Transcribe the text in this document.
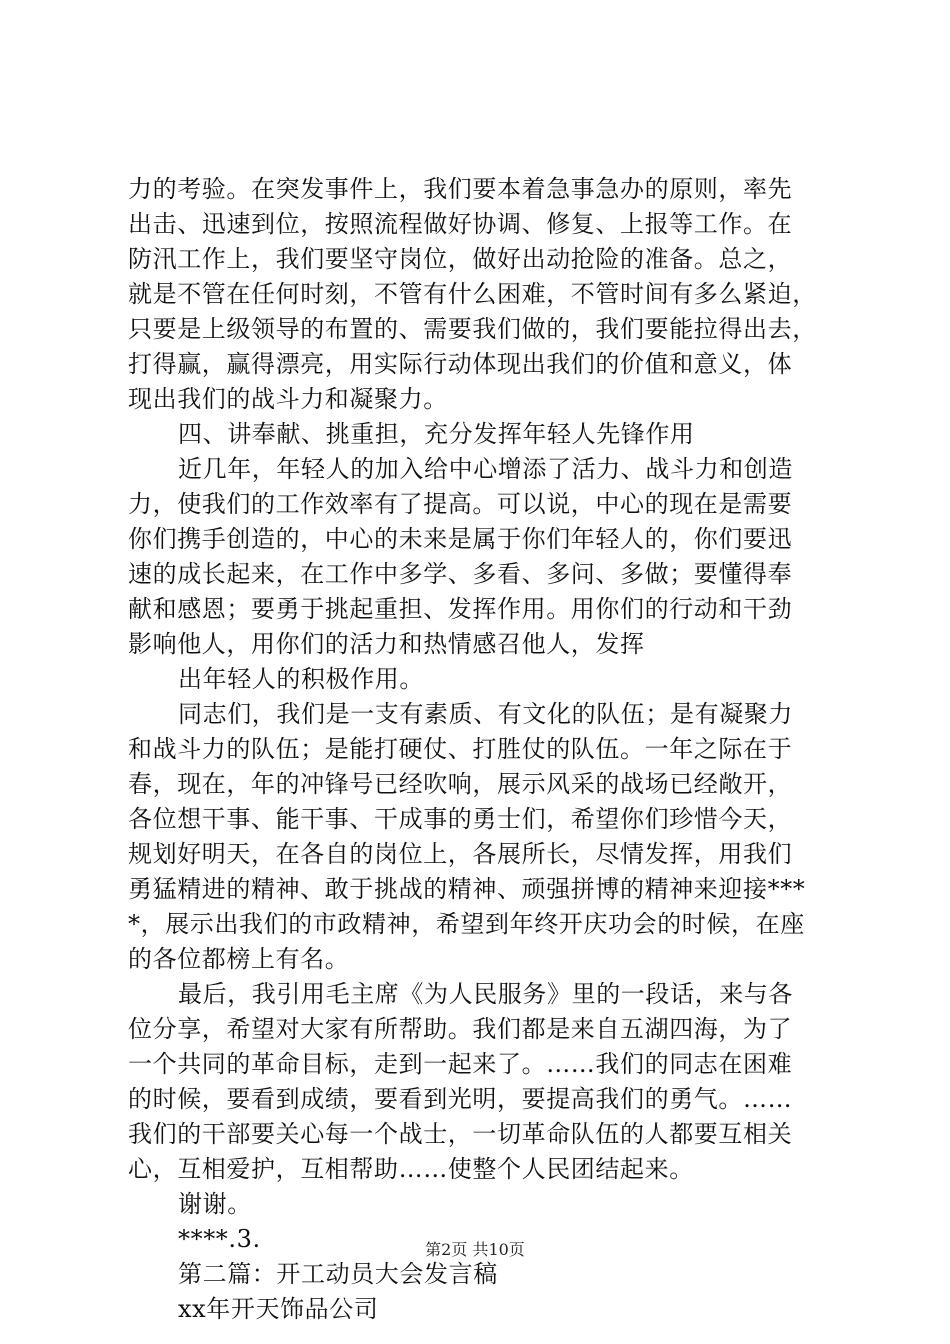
力的考验。在突发事件上，我们要本着急事急办的原则，率先
出击、迅速到位，按照流程做好协调、修复、上报等工作。在
防汛工作上，我们要坚守岗位，做好出动抢险的准备。总之，
就是不管在任何时刻，不管有什么困难，不管时间有多么紧迫，
只要是上级领导的布置的、需要我们做的，我们要能拉得出去，
打得赢，赢得漂亮，用实际行动体现出我们的价值和意义，体
现出我们的战斗力和凝聚力。
四、讲奉献、挑重担，充分发挥年轻人先锋作用
近几年，年轻人的加入给中心增添了活力、战斗力和创造
力，使我们的工作效率有了提高。可以说，中心的现在是需要
你们携手创造的，中心的未来是属于你们年轻人的，你们要迅
速的成长起来，在工作中多学、多看、多问、多做；要懂得奉
献和感恩；要勇于挑起重担、发挥作用。用你们的行动和干劲
影响他人，用你们的活力和热情感召他人，发挥
出年轻人的积极作用。
同志们，我们是一支有素质、有文化的队伍；是有凝聚力
和战斗力的队伍；是能打硬仗、打胜仗的队伍。一年之际在于
春，现在，年的冲锋号已经吹响，展示风采的战场已经敞开，
各位想干事、能干事、干成事的勇士们，希望你们珍惜今天，
规划好明天，在各自的岗位上，各展所长，尽情发挥，用我们
勇猛精进的精神、敢于挑战的精神、顽强拼博的精神来迎接***
*，展示出我们的市政精神，希望到年终开庆功会的时候，在座
的各位都榜上有名。
最后，我引用毛主席《为人民服务》里的一段话，来与各
位分享，希望对大家有所帮助。我们都是来自五湖四海，为了
一个共同的革命目标，走到一起来了。……我们的同志在困难
的时候，要看到成绩，要看到光明，要提高我们的勇气。……
我们的干部要关心每一个战士，一切革命队伍的人都要互相关
心，互相爱护，互相帮助……使整个人民团结起来。
谢谢。
****.3.
第二篇：开工动员大会发言稿
xx年开天饰品公司
第2页 共10页
